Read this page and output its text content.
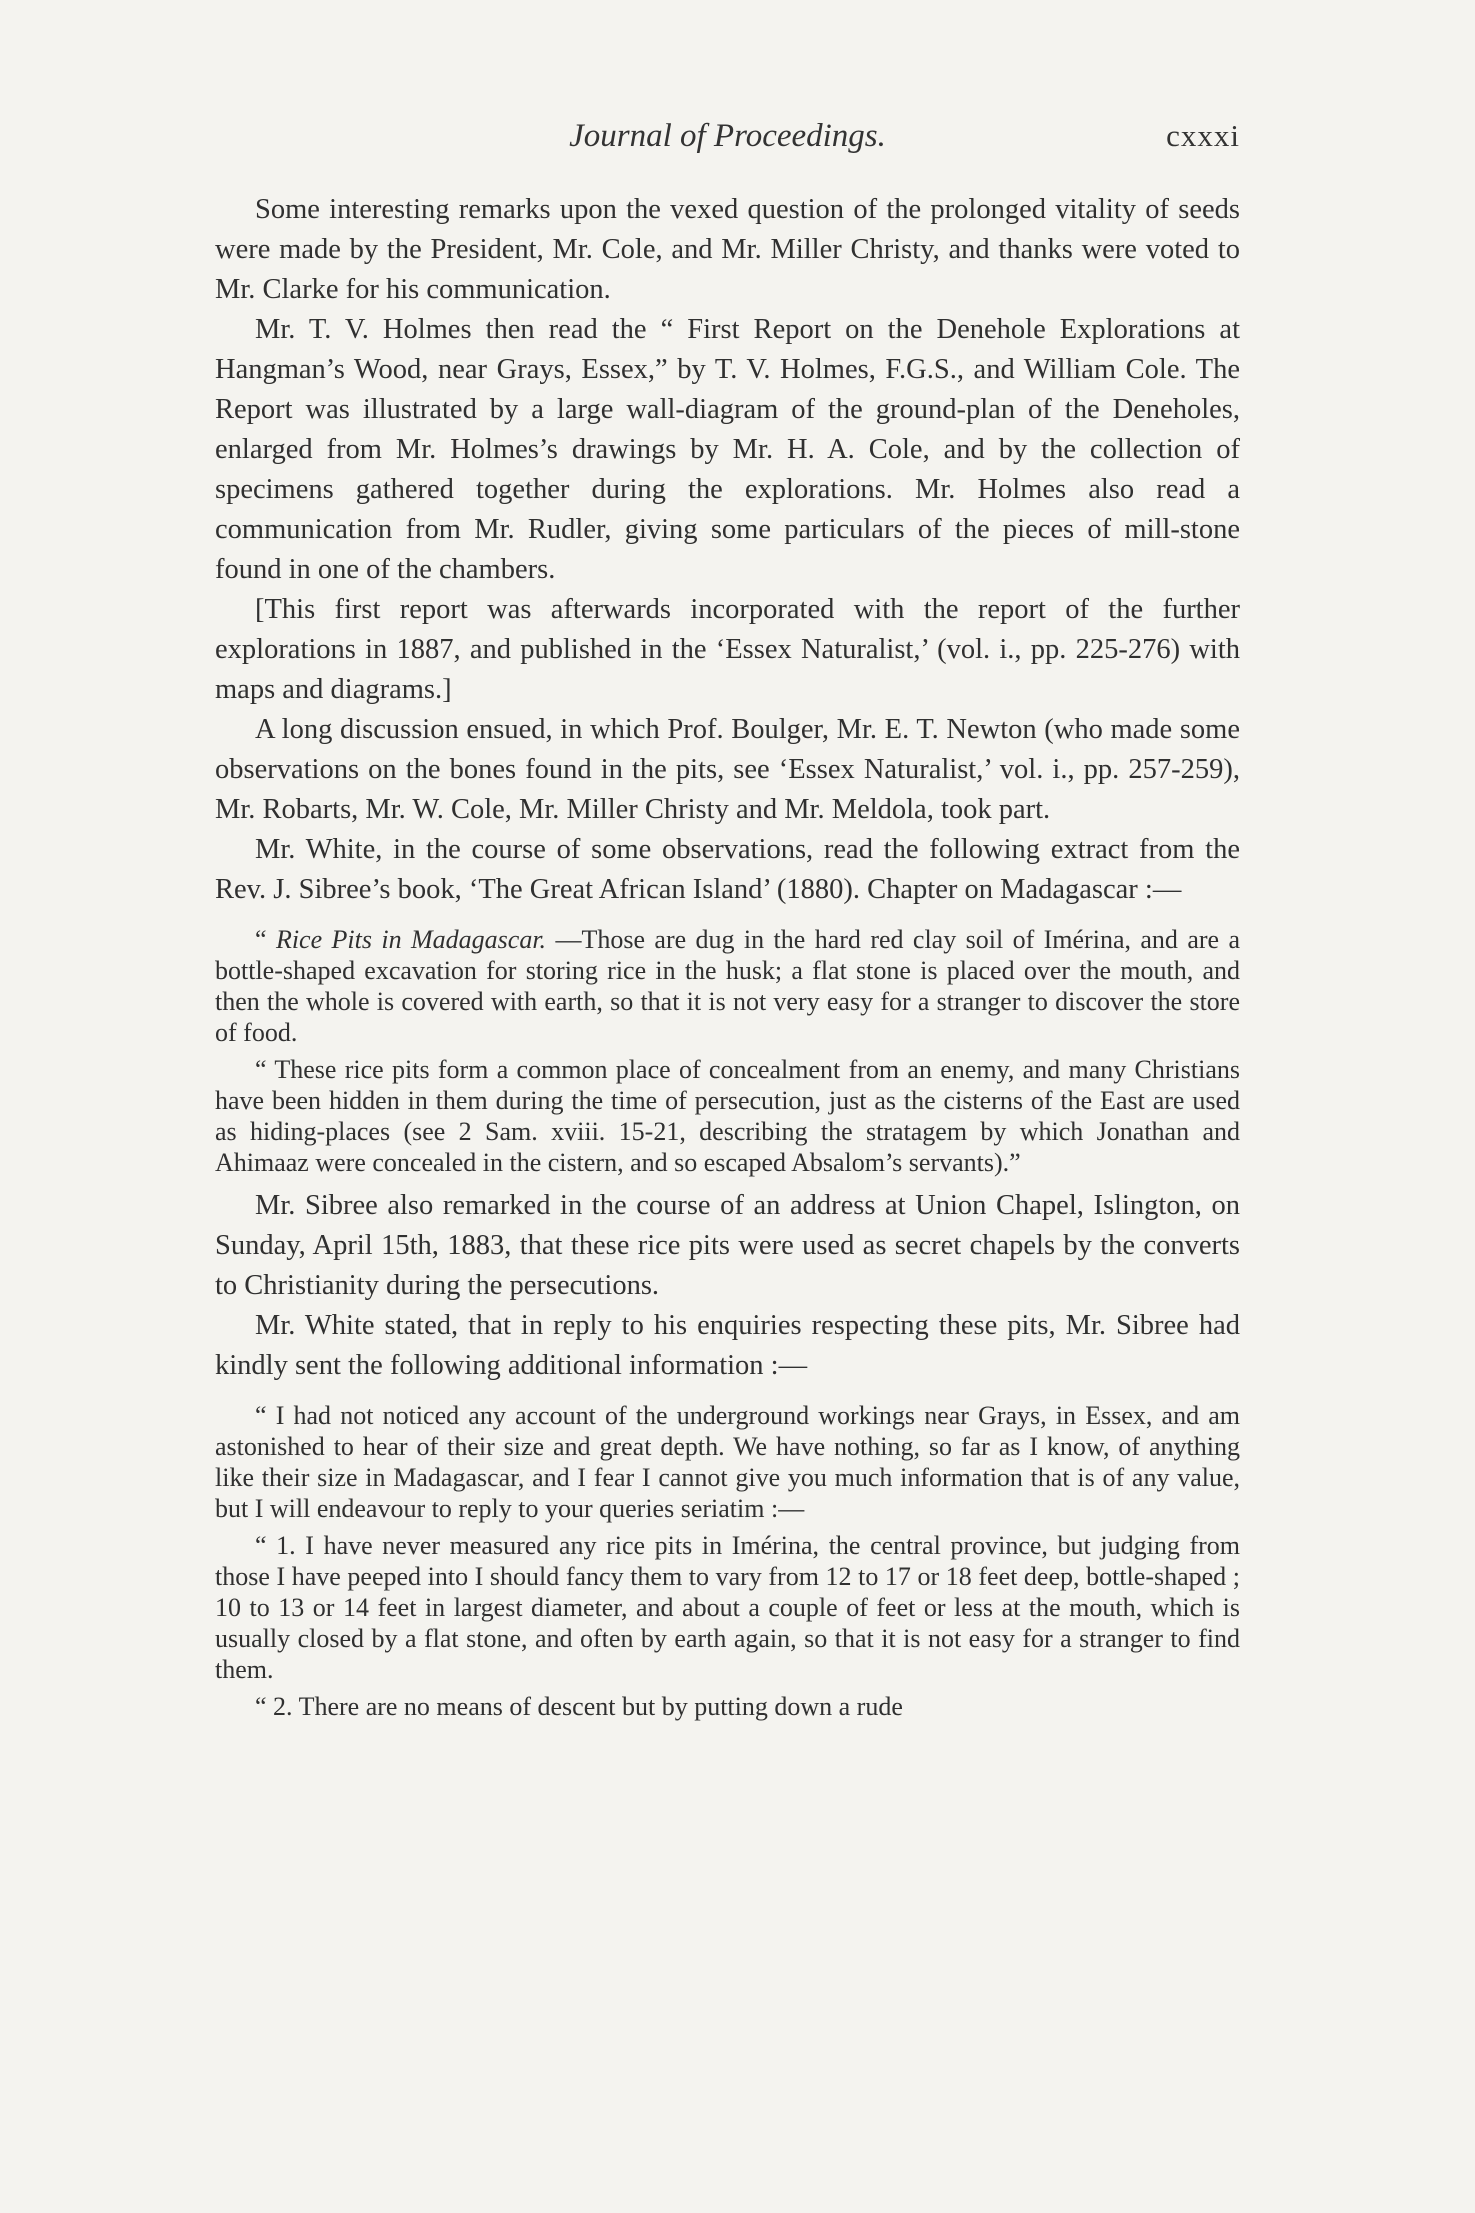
Journal of Proceedings.	cxxxi

Some interesting remarks upon the vexed question of the prolonged vitality of seeds were made by the President, Mr. Cole, and Mr. Miller Christy, and thanks were voted to Mr. Clarke for his communication.

Mr. T. V. Holmes then read the “ First Report on the Denehole Explorations at Hangman’s Wood, near Grays, Essex,” by T. V. Holmes, F.G.S., and William Cole. The Report was illustrated by a large wall-diagram of the ground-plan of the Deneholes, enlarged from Mr. Holmes’s drawings by Mr. H. A. Cole, and by the collection of specimens gathered together during the explorations. Mr. Holmes also read a communication from Mr. Rudler, giving some particulars of the pieces of mill-stone found in one of the chambers.

[This first report was afterwards incorporated with the report of the further explorations in 1887, and published in the ‘Essex Naturalist,’ (vol. i., pp. 225-276) with maps and diagrams.]

A long discussion ensued, in which Prof. Boulger, Mr. E. T. Newton (who made some observations on the bones found in the pits, see ‘Essex Naturalist,’ vol. i., pp. 257-259), Mr. Robarts, Mr. W. Cole, Mr. Miller Christy and Mr. Meldola, took part.

Mr. White, in the course of some observations, read the following extract from the Rev. J. Sibree’s book, ‘The Great African Island’ (1880). Chapter on Madagascar :—

“ Rice Pits in Madagascar. —Those are dug in the hard red clay soil of Imérina, and are a bottle-shaped excavation for storing rice in the husk; a flat stone is placed over the mouth, and then the whole is covered with earth, so that it is not very easy for a stranger to discover the store of food.

“ These rice pits form a common place of concealment from an enemy, and many Christians have been hidden in them during the time of persecution, just as the cisterns of the East are used as hiding-places (see 2 Sam. xviii. 15-21, describing the stratagem by which Jonathan and Ahimaaz were concealed in the cistern, and so escaped Absalom’s servants).”

Mr. Sibree also remarked in the course of an address at Union Chapel, Islington, on Sunday, April 15th, 1883, that these rice pits were used as secret chapels by the converts to Christianity during the persecutions.

Mr. White stated, that in reply to his enquiries respecting these pits, Mr. Sibree had kindly sent the following additional information :—

“ I had not noticed any account of the underground workings near Grays, in Essex, and am astonished to hear of their size and great depth. We have nothing, so far as I know, of anything like their size in Madagascar, and I fear I cannot give you much information that is of any value, but I will endeavour to reply to your queries seriatim :—

“ 1. I have never measured any rice pits in Imérina, the central province, but judging from those I have peeped into I should fancy them to vary from 12 to 17 or 18 feet deep, bottle-shaped ; 10 to 13 or 14 feet in largest diameter, and about a couple of feet or less at the mouth, which is usually closed by a flat stone, and often by earth again, so that it is not easy for a stranger to find them.

“ 2. There are no means of descent but by putting down a rude
